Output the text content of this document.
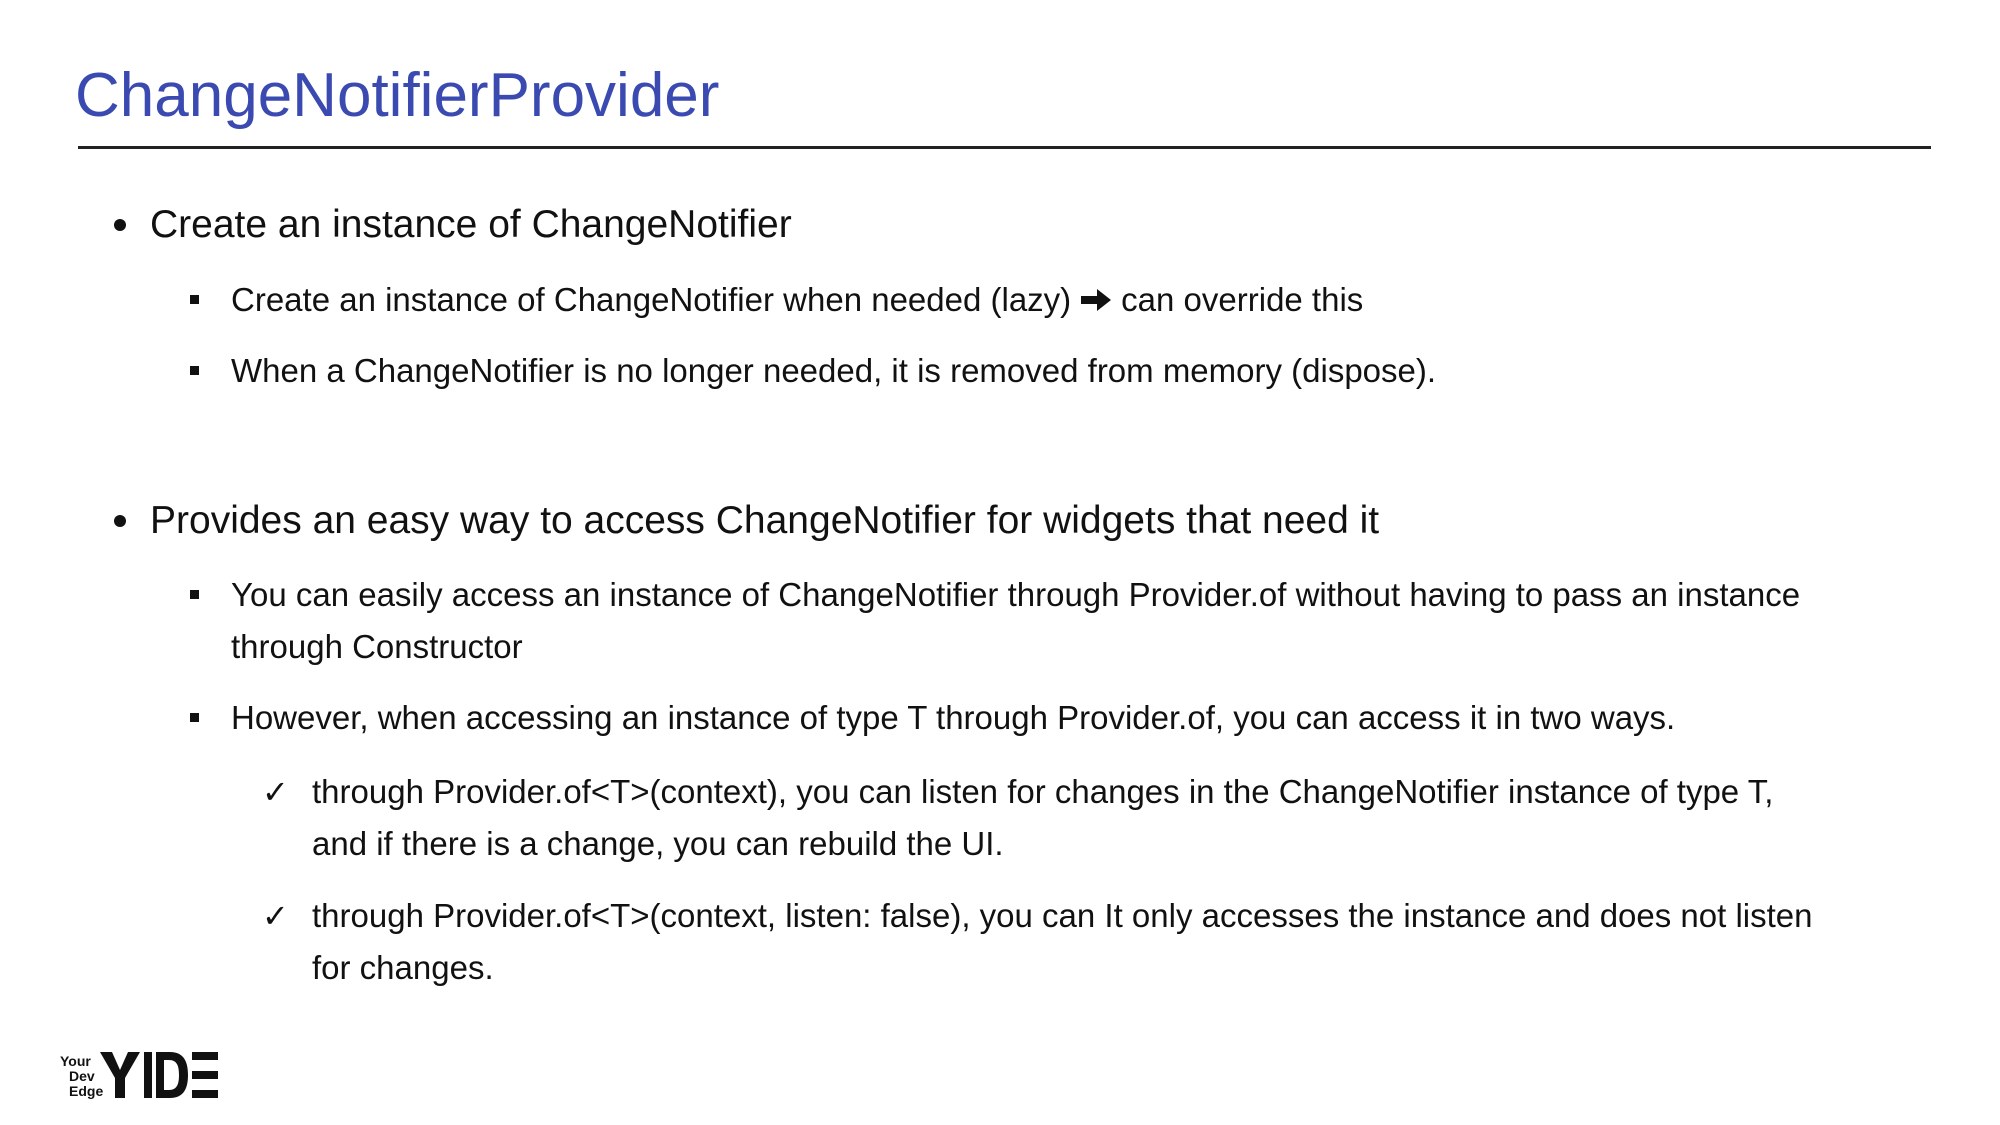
ChangeNotifierProvider
Create an instance of ChangeNotifier
Create an instance of ChangeNotifier when needed (lazy) can override this
When a ChangeNotifier is no longer needed, it is removed from memory (dispose).
Provides an easy way to access ChangeNotifier for widgets that need it
You can easily access an instance of ChangeNotifier through Provider.of without having to pass an instance
through Constructor
However, when accessing an instance of type T through Provider.of, you can access it in two ways.
✓ through Provider.of<T>(context), you can listen for changes in the ChangeNotifier instance of type T,
and if there is a change, you can rebuild the UI.
✓ through Provider.of<T>(context, listen: false), you can It only accesses the instance and does not listen
for changes.
Your
Dev
Edge
